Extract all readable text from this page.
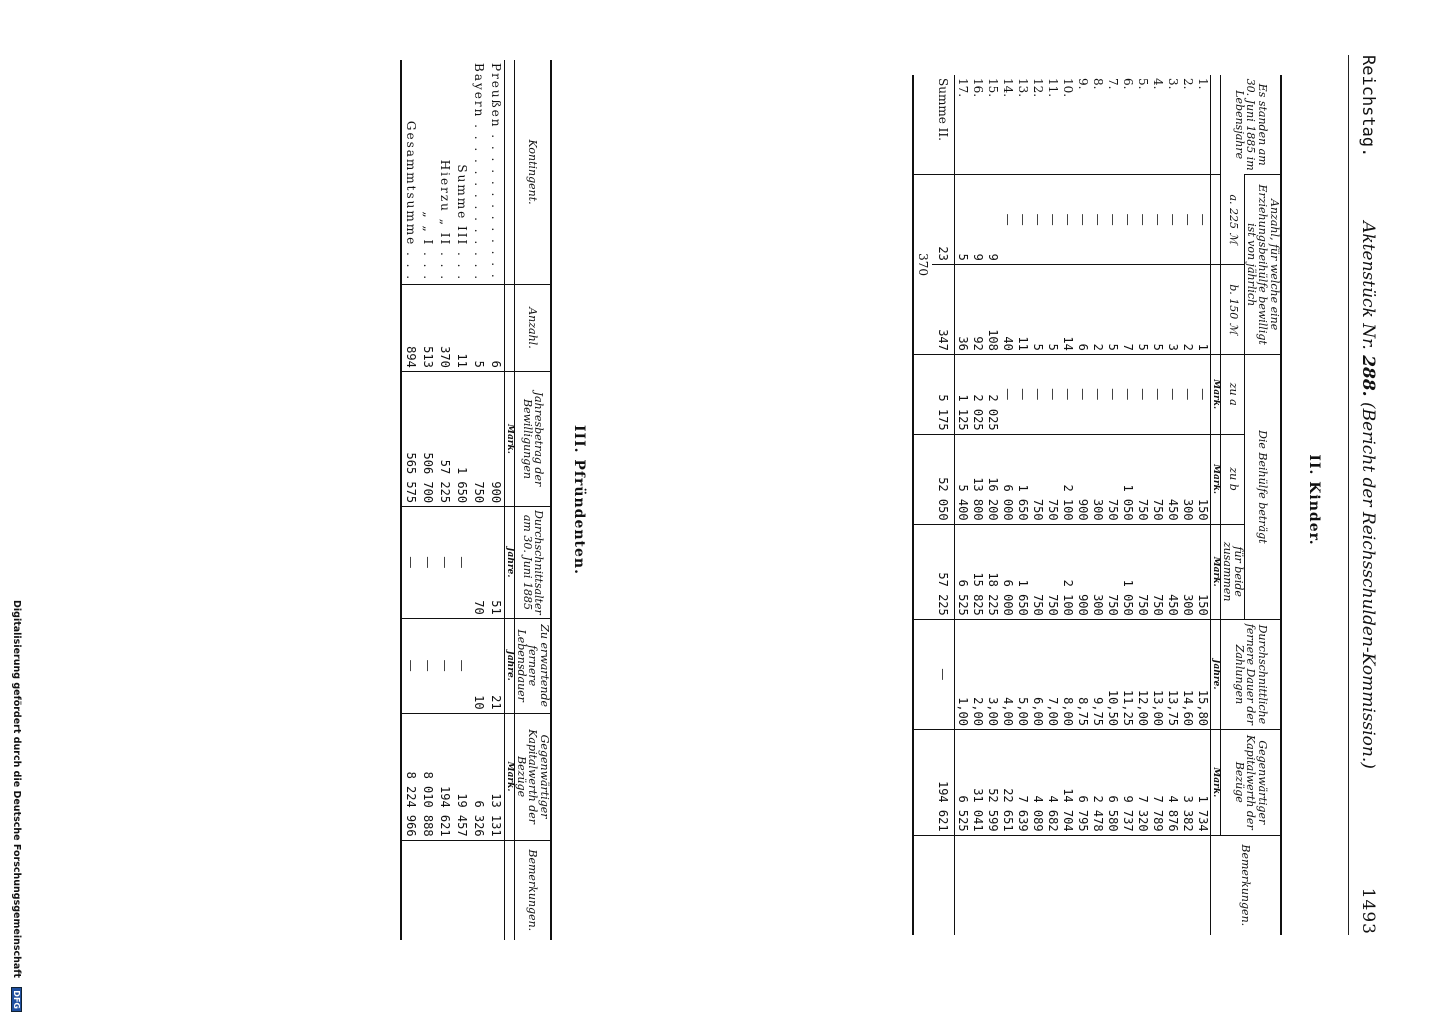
Reichstag.
Aktenstück Nr. 288. (Bericht der Reichsschulden-Kommission.)
1493
II. Kinder.
Es standen am 30. Juni 1885 im Lebensjahre	Anzahl, für welche eine Erziehungsbeihülfe bewilligt ist von jährlich		Die Beihülfe beträgt			Durchschnittliche fernere Dauer der Zahlungen	Gegenwärtiger Kapitalwerth der Bezüge	Bemerkungen.
	a. 225 ℳ	b. 150 ℳ	zu a	zu b	für beide zusammen			
			Mark.	Mark.	Mark.	Jahre.	Mark.	
1.	—	1	—	150	150	15,80	1 734	
2.	—	2	—	300	300	14,60	3 382	
3.	—	3	—	450	450	13,75	4 876	
4.	—	5	—	750	750	13,00	7 789	
5.	—	5	—	750	750	12,00	7 320	
6.	—	7	—	1 050	1 050	11,25	9 737	
7.	—	5	—	750	750	10,50	6 580	
8.	—	2	—	300	300	9,75	2 478	
9.	—	6	—	900	900	8,75	6 795	
10.	—	14	—	2 100	2 100	8,00	14 704	
11.	—	5	—	750	750	7,00	4 682	
12.	—	5	—	750	750	6,00	4 089	
13.	—	11	—	1 650	1 650	5,00	7 639	
14.	—	40	—	6 000	6 000	4,00	22 651	
15.	9	108	2 025	16 200	18 225	3,00	52 599	
16.	9	92	2 025	13 800	15 825	2,00	31 041	
17.	5	36	1 125	5 400	6 525	1,00	6 525	
Summe II.	23	347	5 175	52 050	57 225	—	194 621	
	370							
III. Pfründenten.
Kontingent.	Anzahl.	Jahresbetrag der Bewilligungen	Durchschnittsalter am 30. Juni 1885	Zu erwartende fernere Lebensdauer	Gegenwärtiger Kapitalwerth der Bezüge	Bemerkungen.
		Mark.	Jahre.	Jahre.	Mark.	
Preußen . . . . . . . . . . . . .	6	900	51	21	13 131	
Bayern . . . . . . . . . . . . . .	5	750	70	10	6 326	
Summe III . . .	11	1 650	—	—	19 457	
Hierzu „ II . . .	370	57 225	—	—	194 621	
„ „ I . . .	513	506 700	—	—	8 010 888	
Gesammtsumme . . .	894	565 575	—	—	8 224 966	
Digitalisierung gefördert durch die Deutsche Forschungsgemeinschaft DFG
